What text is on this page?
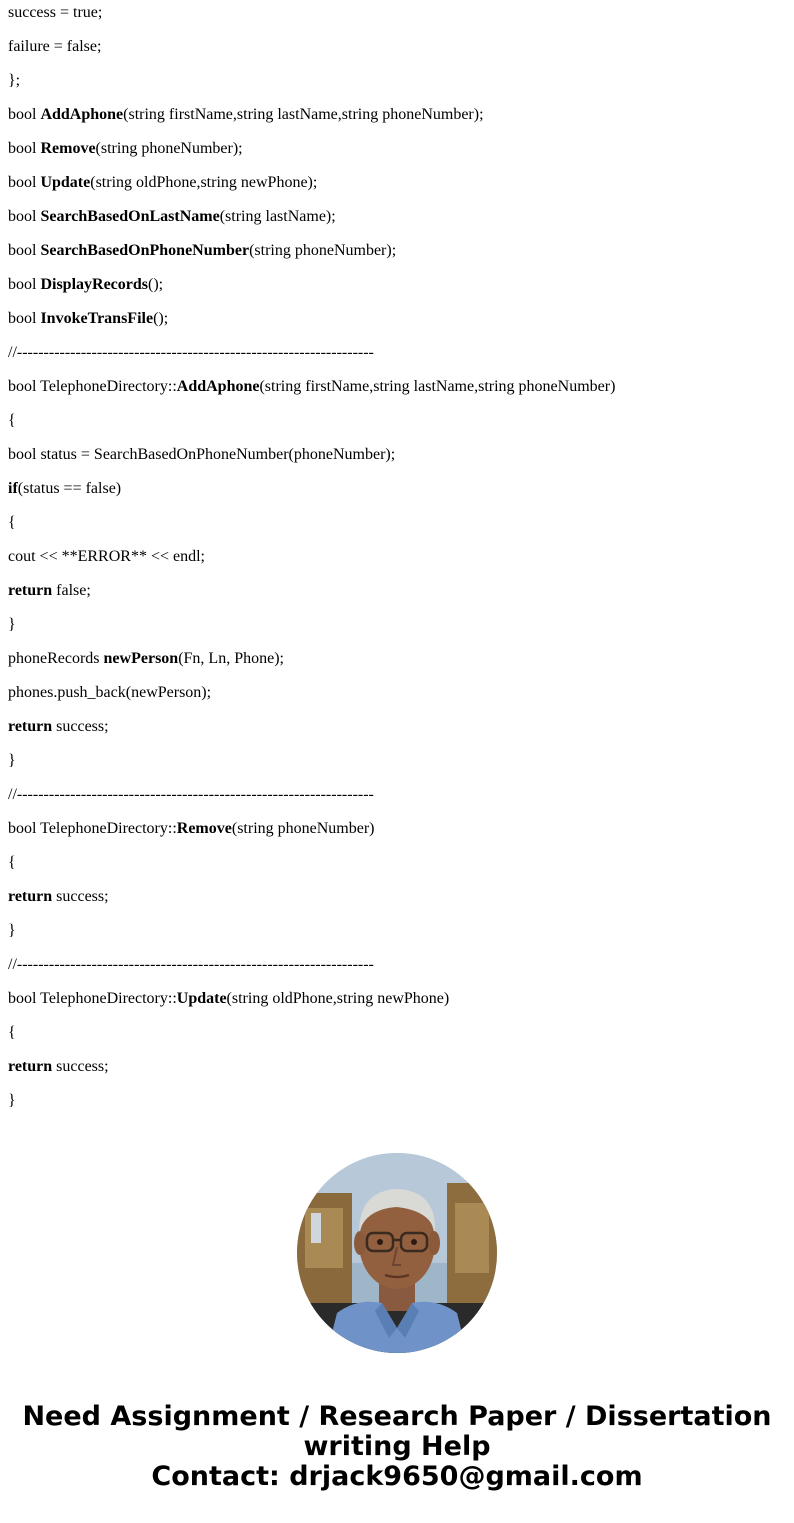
success = true;
failure = false;
};
bool AddAphone(string firstName,string lastName,string phoneNumber);
bool Remove(string phoneNumber);
bool Update(string oldPhone,string newPhone);
bool SearchBasedOnLastName(string lastName);
bool SearchBasedOnPhoneNumber(string phoneNumber);
bool DisplayRecords();
bool InvokeTransFile();
//-------------------------------------------------------------------
bool TelephoneDirectory::AddAphone(string firstName,string lastName,string phoneNumber)
{
bool status = SearchBasedOnPhoneNumber(phoneNumber);
if(status == false)
{
cout << **ERROR** << endl;
return false;
}
phoneRecords newPerson(Fn, Ln, Phone);
phones.push_back(newPerson);
return success;
}
//-------------------------------------------------------------------
bool TelephoneDirectory::Remove(string phoneNumber)
{
return success;
}
//-------------------------------------------------------------------
bool TelephoneDirectory::Update(string oldPhone,string newPhone)
{
return success;
}
Need Assignment / Research Paper / Dissertation
writing Help
Contact: drjack9650@gmail.com
